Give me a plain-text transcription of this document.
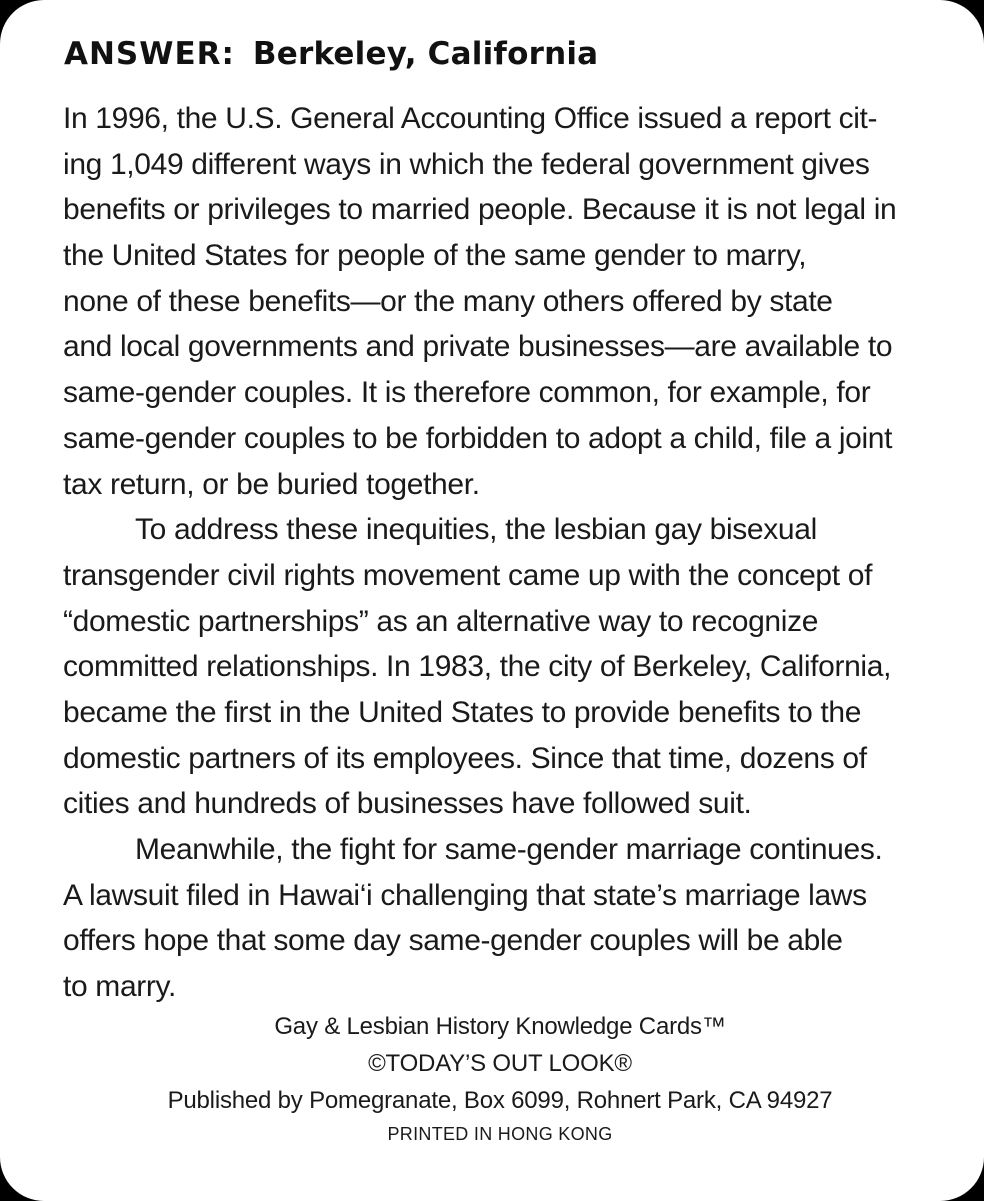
ANSWER: Berkeley, California
In 1996, the U.S. General Accounting Office issued a report cit-
ing 1,049 different ways in which the federal government gives
benefits or privileges to married people. Because it is not legal in
the United States for people of the same gender to marry,
none of these benefits—or the many others offered by state
and local governments and private businesses—are available to
same-gender couples. It is therefore common, for example, for
same-gender couples to be forbidden to adopt a child, file a joint
tax return, or be buried together.
To address these inequities, the lesbian gay bisexual
transgender civil rights movement came up with the concept of
“domestic partnerships” as an alternative way to recognize
committed relationships. In 1983, the city of Berkeley, California,
became the first in the United States to provide benefits to the
domestic partners of its employees. Since that time, dozens of
cities and hundreds of businesses have followed suit.
Meanwhile, the fight for same-gender marriage continues.
A lawsuit filed in Hawai‘i challenging that state’s marriage laws
offers hope that some day same-gender couples will be able
to marry.
Gay & Lesbian History Knowledge Cards™
©TODAY’S OUT LOOK®
Published by Pomegranate, Box 6099, Rohnert Park, CA 94927
PRINTED IN HONG KONG
